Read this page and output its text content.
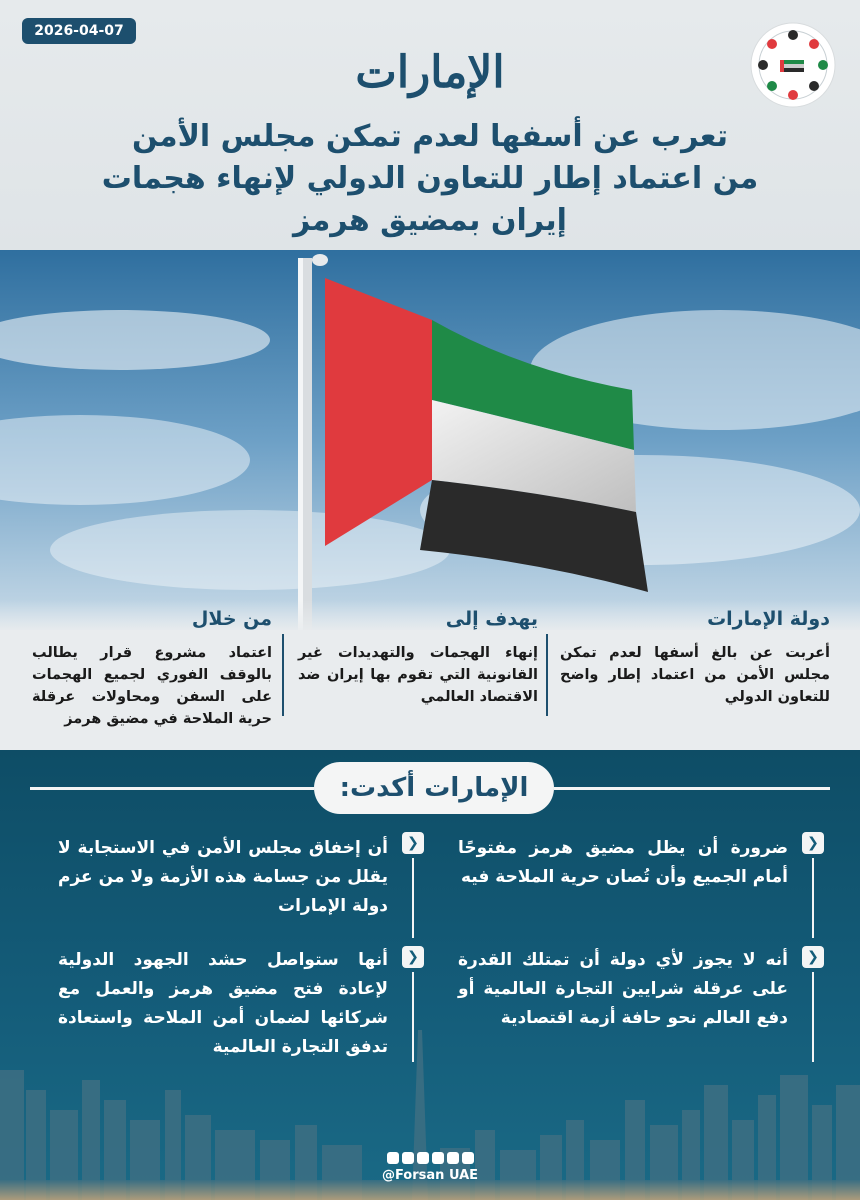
2026-04-07
الإمارات
تعرب عن أسفها لعدم تمكن مجلس الأمن
من اعتماد إطار للتعاون الدولي لإنهاء هجمات
إيران بمضيق هرمز
دولة الإمارات
أعربت عن بالغ أسفها لعدم تمكن مجلس الأمن من اعتماد إطار واضح للتعاون الدولي
يهدف إلى
إنهاء الهجمات والتهديدات غير القانونية التي تقوم بها إيران ضد الاقتصاد العالمي
من خلال
اعتماد مشروع قرار يطالب بالوقف الفوري لجميع الهجمات على السفن ومحاولات عرقلة حرية الملاحة في مضيق هرمز
الإمارات أكدت:
❮
ضرورة أن يظل مضيق هرمز مفتوحًا أمام الجميع وأن تُصان حرية الملاحة فيه
❮
أنه لا يجوز لأي دولة أن تمتلك القدرة على عرقلة شرايين التجارة العالمية أو دفع العالم نحو حافة أزمة اقتصادية
❮
أن إخفاق مجلس الأمن في الاستجابة لا يقلل من جسامة هذه الأزمة ولا من عزم دولة الإمارات
❮
أنها ستواصل حشد الجهود الدولية لإعادة فتح مضيق هرمز والعمل مع شركائها لضمان أمن الملاحة واستعادة تدفق التجارة العالمية
@Forsan UAE
